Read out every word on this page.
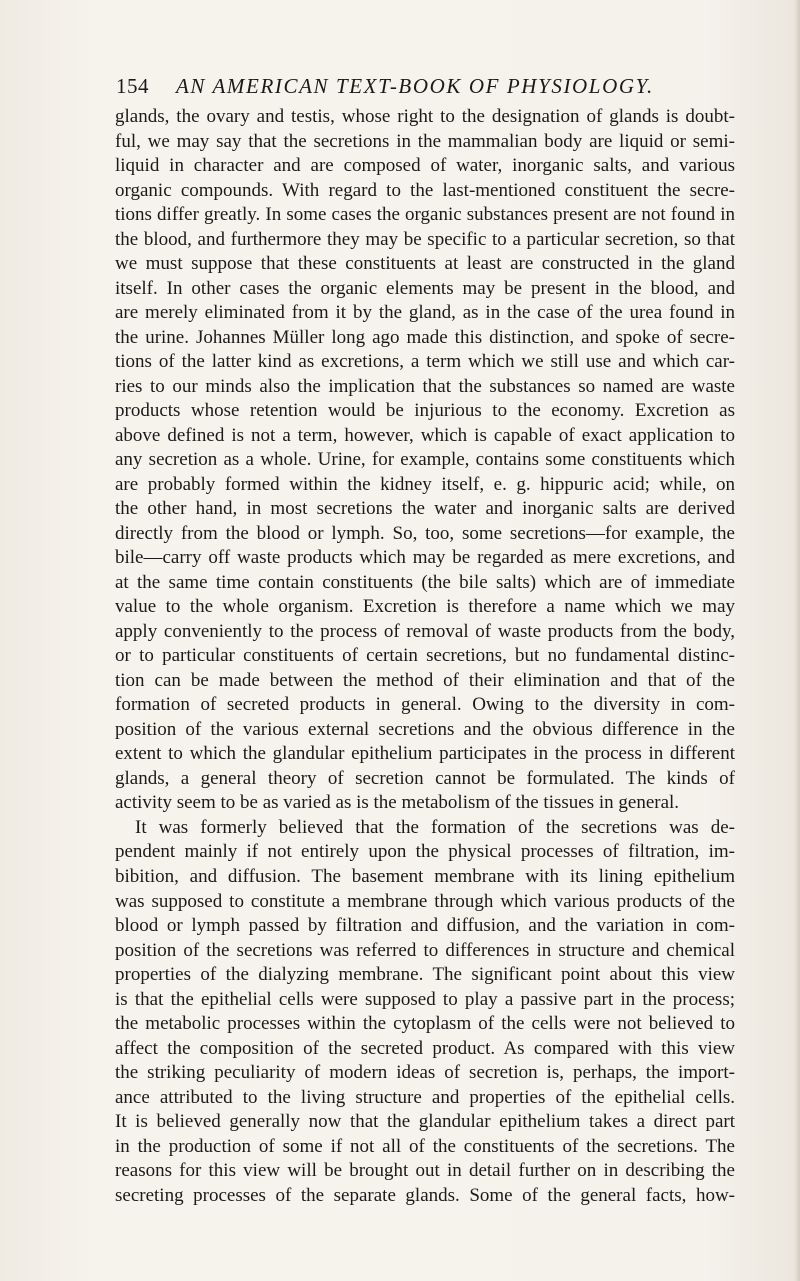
154 AN AMERICAN TEXT-BOOK OF PHYSIOLOGY.
glands, the ovary and testis, whose right to the designation of glands is doubt-
ful, we may say that the secretions in the mammalian body are liquid or semi-
liquid in character and are composed of water, inorganic salts, and various
organic compounds. With regard to the last-mentioned constituent the secre-
tions differ greatly. In some cases the organic substances present are not found in
the blood, and furthermore they may be specific to a particular secretion, so that
we must suppose that these constituents at least are constructed in the gland
itself. In other cases the organic elements may be present in the blood, and
are merely eliminated from it by the gland, as in the case of the urea found in
the urine. Johannes Müller long ago made this distinction, and spoke of secre-
tions of the latter kind as excretions, a term which we still use and which car-
ries to our minds also the implication that the substances so named are waste
products whose retention would be injurious to the economy. Excretion as
above defined is not a term, however, which is capable of exact application to
any secretion as a whole. Urine, for example, contains some constituents which
are probably formed within the kidney itself, e. g. hippuric acid; while, on
the other hand, in most secretions the water and inorganic salts are derived
directly from the blood or lymph. So, too, some secretions—for example, the
bile—carry off waste products which may be regarded as mere excretions, and
at the same time contain constituents (the bile salts) which are of immediate
value to the whole organism. Excretion is therefore a name which we may
apply conveniently to the process of removal of waste products from the body,
or to particular constituents of certain secretions, but no fundamental distinc-
tion can be made between the method of their elimination and that of the
formation of secreted products in general. Owing to the diversity in com-
position of the various external secretions and the obvious difference in the
extent to which the glandular epithelium participates in the process in different
glands, a general theory of secretion cannot be formulated. The kinds of
activity seem to be as varied as is the metabolism of the tissues in general.
It was formerly believed that the formation of the secretions was de-
pendent mainly if not entirely upon the physical processes of filtration, im-
bibition, and diffusion. The basement membrane with its lining epithelium
was supposed to constitute a membrane through which various products of the
blood or lymph passed by filtration and diffusion, and the variation in com-
position of the secretions was referred to differences in structure and chemical
properties of the dialyzing membrane. The significant point about this view
is that the epithelial cells were supposed to play a passive part in the process;
the metabolic processes within the cytoplasm of the cells were not believed to
affect the composition of the secreted product. As compared with this view
the striking peculiarity of modern ideas of secretion is, perhaps, the import-
ance attributed to the living structure and properties of the epithelial cells.
It is believed generally now that the glandular epithelium takes a direct part
in the production of some if not all of the constituents of the secretions. The
reasons for this view will be brought out in detail further on in describing the
secreting processes of the separate glands. Some of the general facts, how-
